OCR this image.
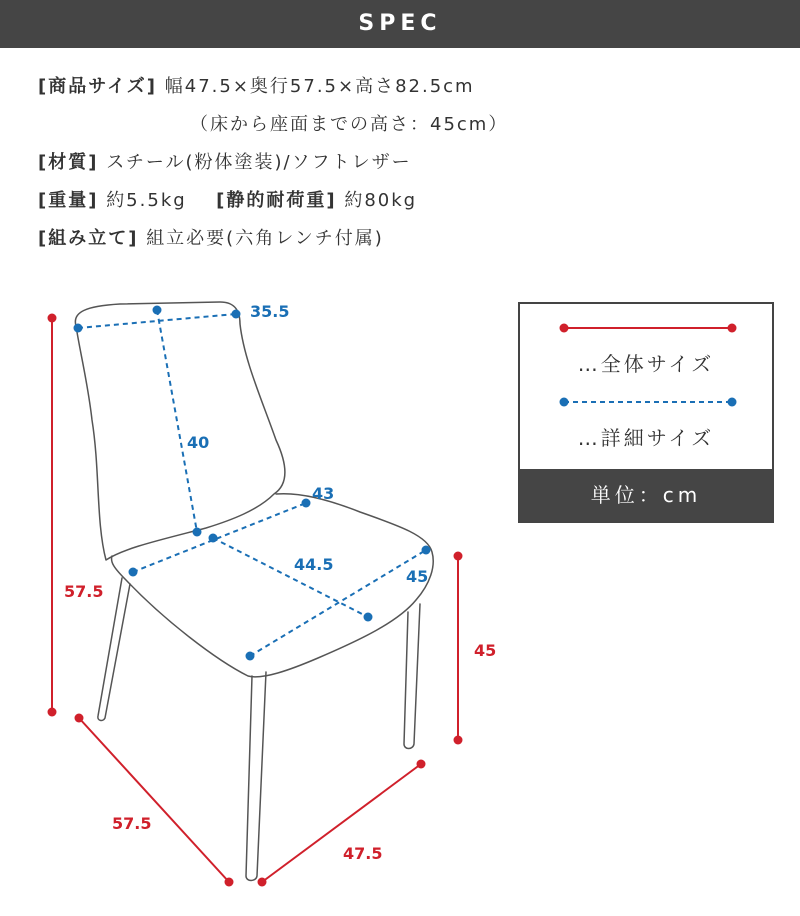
SPEC
[商品サイズ] 幅47.5×奥行57.5×高さ82.5cm
（床から座面までの高さ：45cm）
[材質] スチール(粉体塗装)/ソフトレザー
[重量] 約5.5kg [静的耐荷重] 約80kg
[組み立て] 組立必要(六角レンチ付属)
35.5
40
43
44.5
45
57.5
45
57.5
47.5
…全体サイズ
…詳細サイズ
単位：cm
